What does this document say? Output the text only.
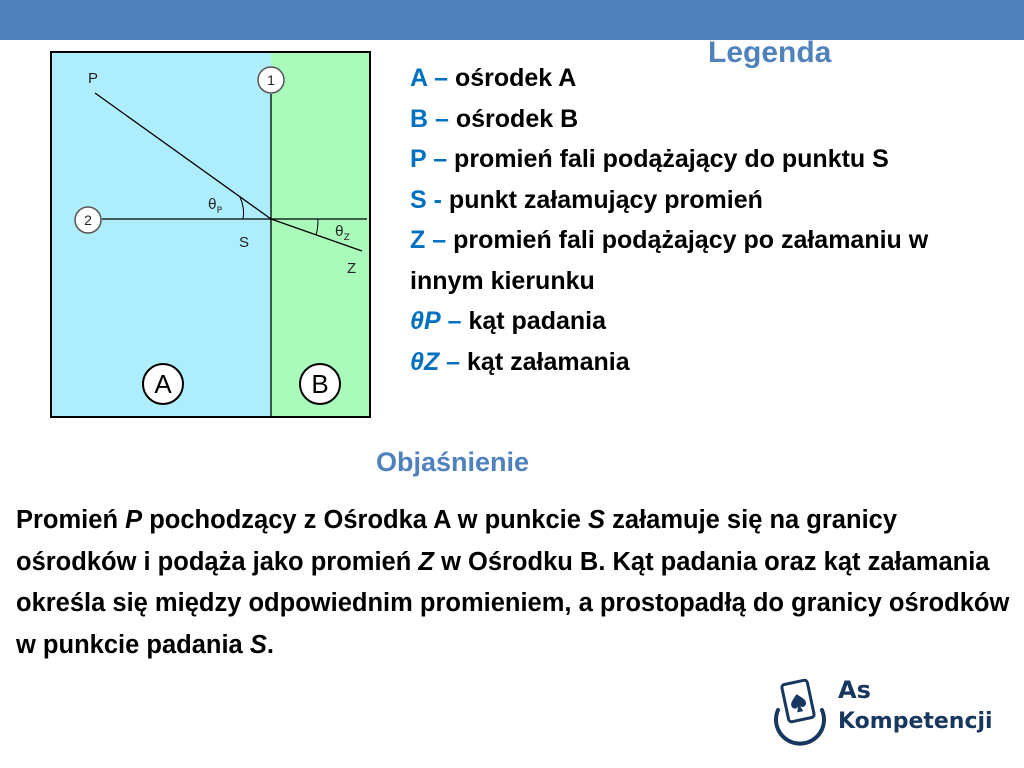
P	1
2
$\theta_P$
S
$\theta_Z$
Z
A	B
Legenda
A – ośrodek A
B – ośrodek B
P – promień fali podążający do punktu S
S - punkt załamujący promień
Z – promień fali podążający po załamaniu w innym kierunku
θP – kąt padania
θZ – kąt załamania
Objaśnienie

Promień P pochodzący z Ośrodka A w punkcie S załamuje się na granicy ośrodków i podąża jako promień Z w Ośrodku B. Kąt padania oraz kąt załamania określa się między odpowiednim promieniem, a prostopadłą do granicy ośrodków w punkcie padania S.

As
Kompetencji
